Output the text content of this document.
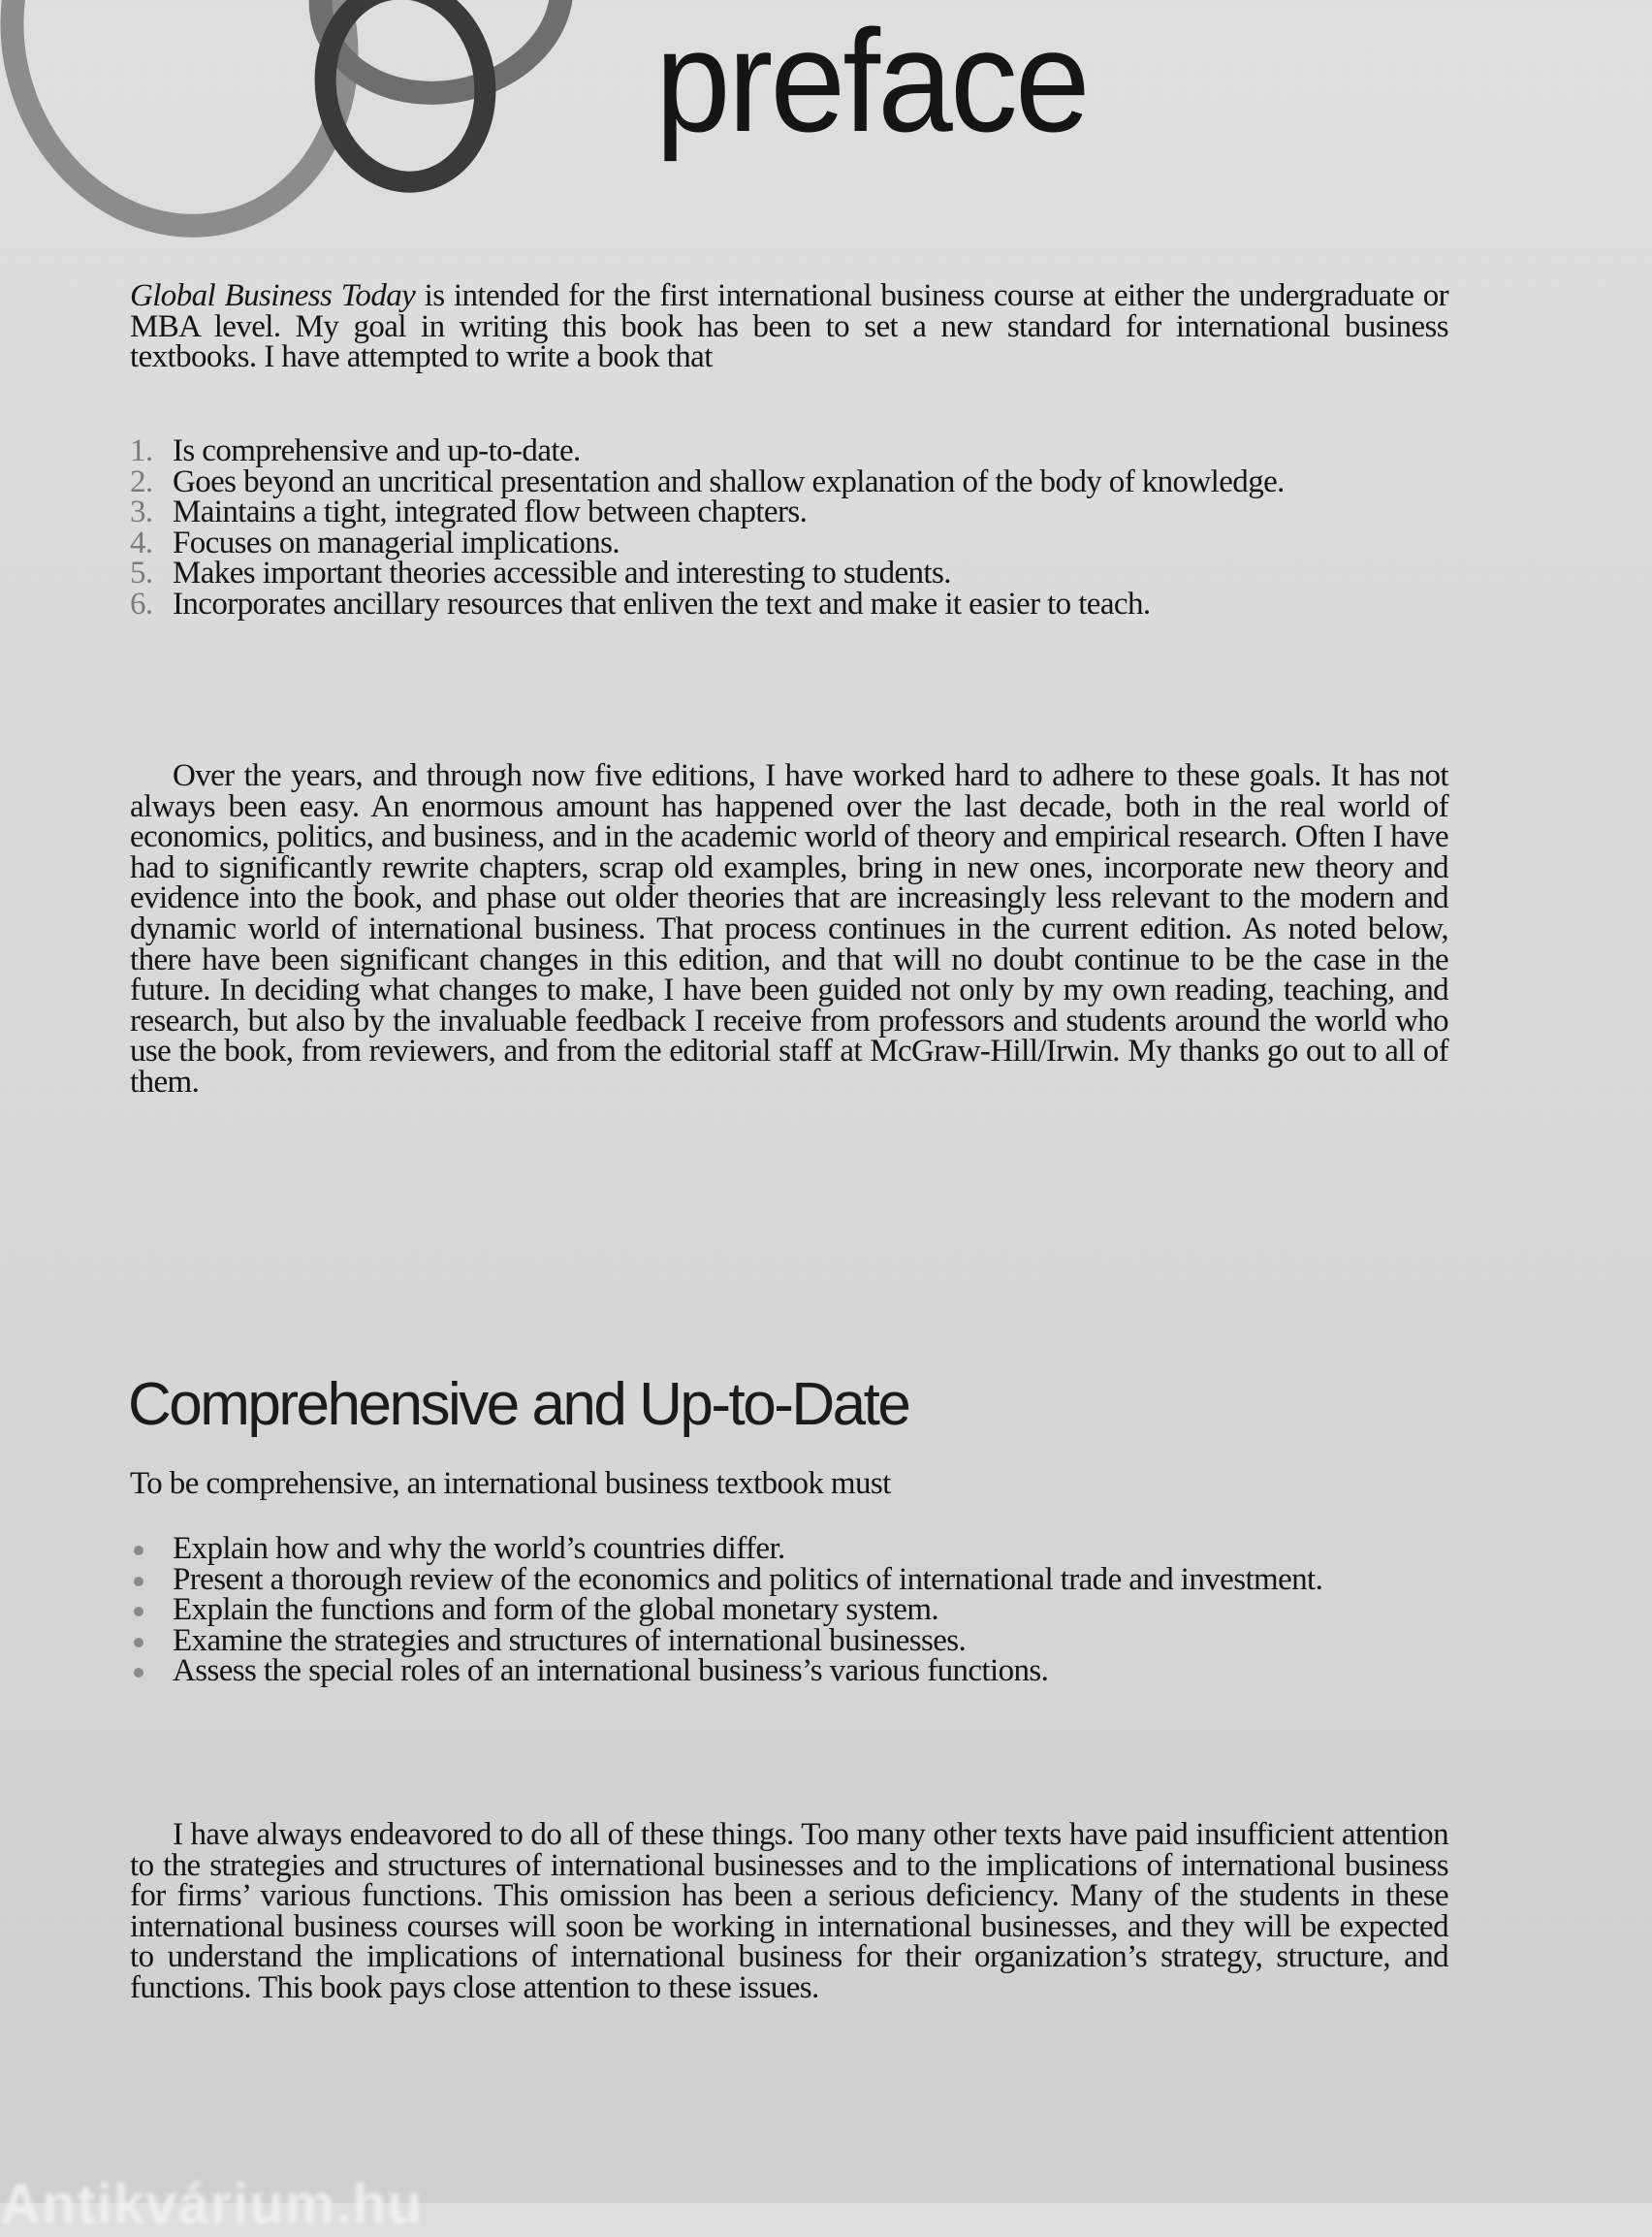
preface

Global Business Today is intended for the first international business course at either the undergraduate or MBA level. My goal in writing this book has been to set a new standard for international business textbooks. I have attempted to write a book that

1. Is comprehensive and up-to-date.
2. Goes beyond an uncritical presentation and shallow explanation of the body of knowledge.
3. Maintains a tight, integrated flow between chapters.
4. Focuses on managerial implications.
5. Makes important theories accessible and interesting to students.
6. Incorporates ancillary resources that enliven the text and make it easier to teach.

Over the years, and through now five editions, I have worked hard to adhere to these goals. It has not always been easy. An enormous amount has happened over the last decade, both in the real world of economics, politics, and business, and in the academic world of theory and empirical research. Often I have had to significantly rewrite chapters, scrap old examples, bring in new ones, incorporate new theory and evidence into the book, and phase out older theories that are increasingly less relevant to the modern and dynamic world of international business. That process continues in the current edition. As noted below, there have been significant changes in this edition, and that will no doubt continue to be the case in the future. In deciding what changes to make, I have been guided not only by my own reading, teaching, and research, but also by the invaluable feedback I receive from professors and students around the world who use the book, from reviewers, and from the editorial staff at McGraw-Hill/Irwin. My thanks go out to all of them.

Comprehensive and Up-to-Date

To be comprehensive, an international business textbook must

Explain how and why the world’s countries differ.
Present a thorough review of the economics and politics of international trade and investment.
Explain the functions and form of the global monetary system.
Examine the strategies and structures of international businesses.
Assess the special roles of an international business’s various functions.

I have always endeavored to do all of these things. Too many other texts have paid insufficient attention to the strategies and structures of international businesses and to the implications of international business for firms’ various functions. This omission has been a serious deficiency. Many of the students in these international business courses will soon be working in international businesses, and they will be expected to understand the implications of international business for their organization’s strategy, structure, and functions. This book pays close attention to these issues.

Antikvárium.hu
